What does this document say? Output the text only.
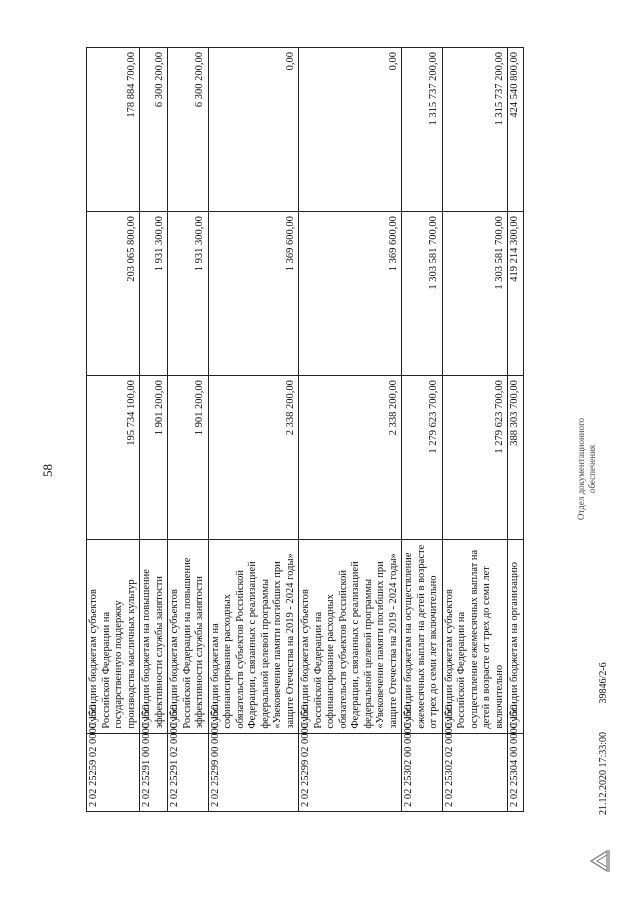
58
2 02 25259 02 0000 150	Субсидии бюджетам субъектов Российской Федерации на государственную поддержку производства масличных культур	195 734 100,00	203 065 800,00	178 884 700,00
2 02 25291 00 0000 150	Субсидии бюджетам на повышение эффективности службы занятости	1 901 200,00	1 931 300,00	6 300 200,00
2 02 25291 02 0000 150	Субсидии бюджетам субъектов Российской Федерации на повышение эффективности службы занятости	1 901 200,00	1 931 300,00	6 300 200,00
2 02 25299 00 0000 150	Субсидии бюджетам на софинансирование расходных обязательств субъектов Российской Федерации, связанных с реализацией федеральной целевой программы «Увековечение памяти погибших при защите Отечества на 2019 - 2024 годы»	2 338 200,00	1 369 600,00	0,00
2 02 25299 02 0000 150	Субсидии бюджетам субъектов Российской Федерации на софинансирование расходных обязательств субъектов Российской Федерации, связанных с реализацией федеральной целевой программы «Увековечение памяти погибших при защите Отечества на 2019 - 2024 годы»	2 338 200,00	1 369 600,00	0,00
2 02 25302 00 0000 150	Субсидии бюджетам на осуществление ежемесячных выплат на детей в возрасте от трех до семи лет включительно	1 279 623 700,00	1 303 581 700,00	1 315 737 200,00
2 02 25302 02 0000 150	Субсидии бюджетам субъектов Российской Федерации на осуществление ежемесячных выплат на детей в возрасте от трех до семи лет включительно	1 279 623 700,00	1 303 581 700,00	1 315 737 200,00
2 02 25304 00 0000 150	Субсидии бюджетам на организацию	388 303 700,00	419 214 300,00	424 540 800,00
Отдел документационного обеспечения
21.12.2020 17:33:00 39846/2-6
